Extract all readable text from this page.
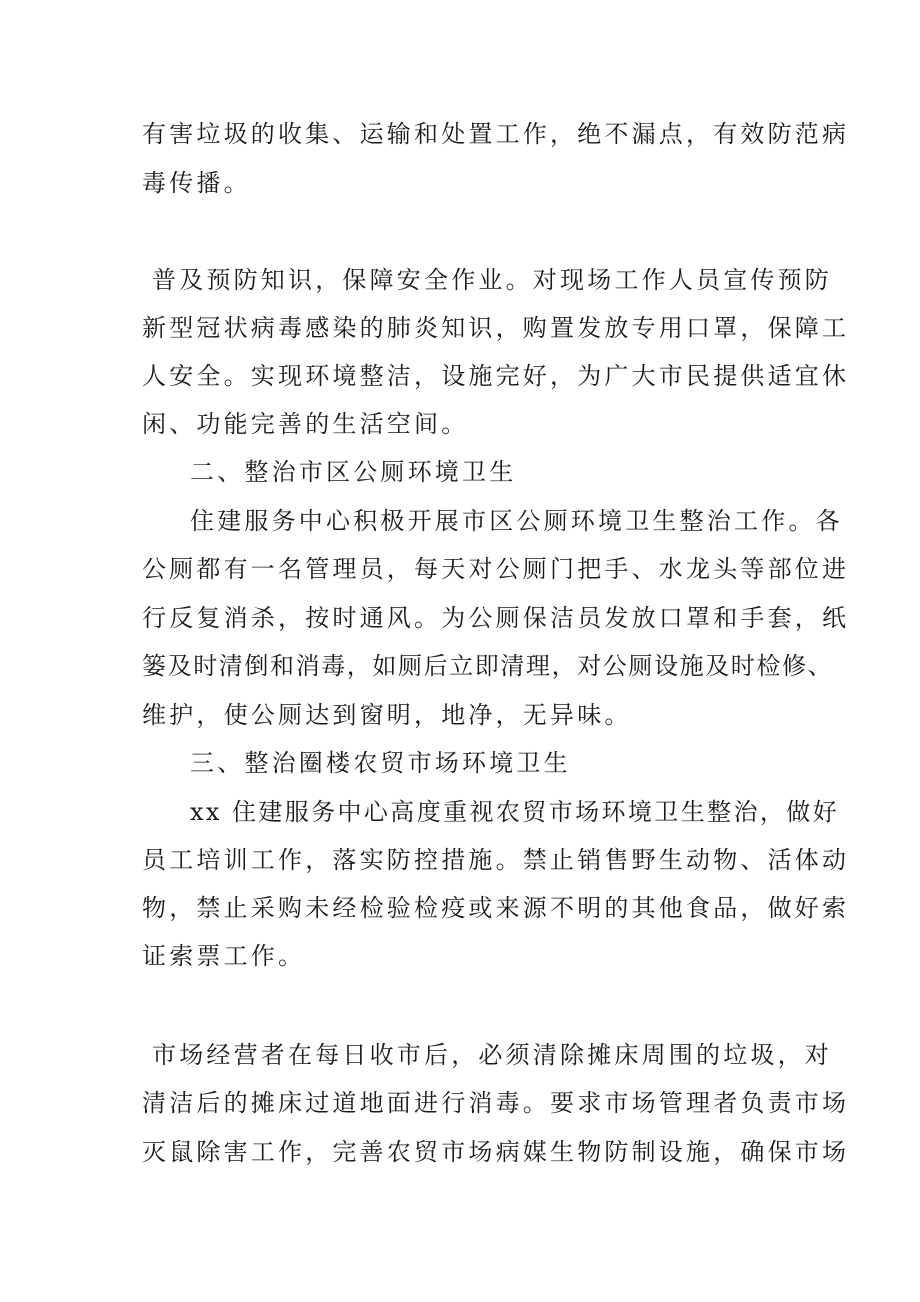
有害垃圾的收集、运输和处置工作，绝不漏点，有效防范病
毒传播。
普及预防知识，保障安全作业。对现场工作人员宣传预防
新型冠状病毒感染的肺炎知识，购置发放专用口罩，保障工
人安全。实现环境整洁，设施完好，为广大市民提供适宜休
闲、功能完善的生活空间。
二、整治市区公厕环境卫生
住建服务中心积极开展市区公厕环境卫生整治工作。各
公厕都有一名管理员，每天对公厕门把手、水龙头等部位进
行反复消杀，按时通风。为公厕保洁员发放口罩和手套，纸
篓及时清倒和消毒，如厕后立即清理，对公厕设施及时检修、
维护，使公厕达到窗明，地净，无异味。
三、整治圈楼农贸市场环境卫生
xx 住建服务中心高度重视农贸市场环境卫生整治，做好
员工培训工作，落实防控措施。禁止销售野生动物、活体动
物，禁止采购未经检验检疫或来源不明的其他食品，做好索
证索票工作。
市场经营者在每日收市后，必须清除摊床周围的垃圾，对
清洁后的摊床过道地面进行消毒。要求市场管理者负责市场
灭鼠除害工作，完善农贸市场病媒生物防制设施，确保市场
